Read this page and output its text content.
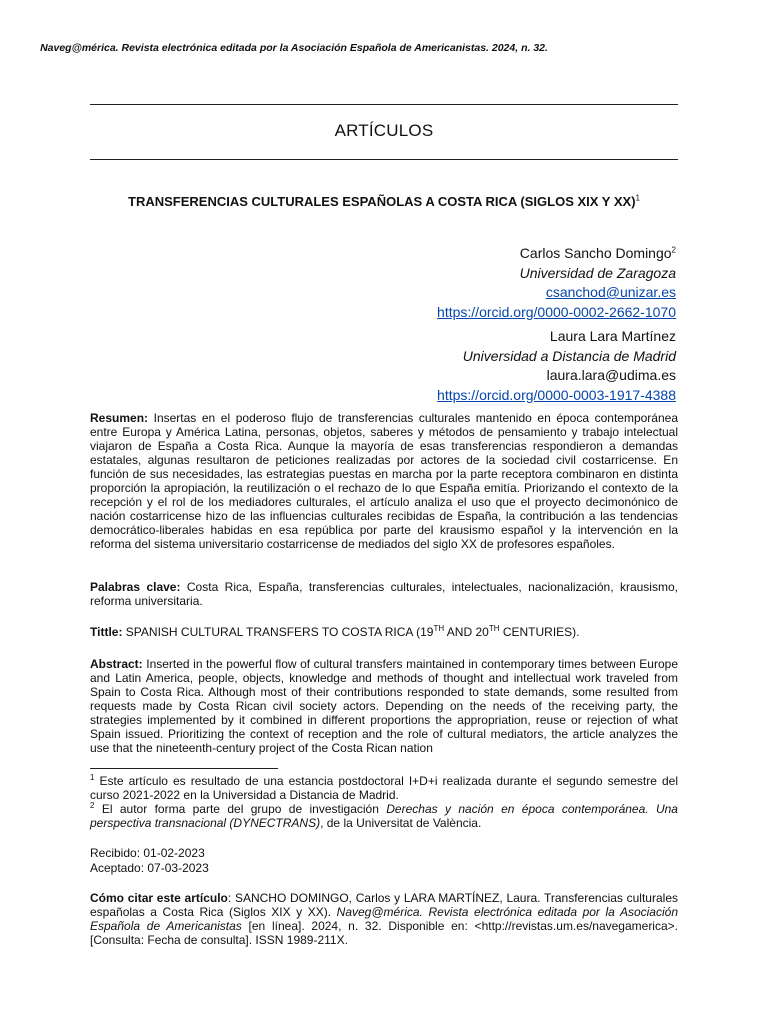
Naveg@mérica. Revista electrónica editada por la Asociación Española de Americanistas. 2024, n. 32.
ARTÍCULOS
TRANSFERENCIAS CULTURALES ESPAÑOLAS A COSTA RICA (SIGLOS XIX Y XX)$^1$
Carlos Sancho Domingo$^2$
Universidad de Zaragoza
csanchod@unizar.es
https://orcid.org/0000-0002-2662-1070
Laura Lara Martínez
Universidad a Distancia de Madrid
laura.lara@udima.es
https://orcid.org/0000-0003-1917-4388
Resumen: Insertas en el poderoso flujo de transferencias culturales mantenido en época contemporánea entre Europa y América Latina, personas, objetos, saberes y métodos de pensamiento y trabajo intelectual viajaron de España a Costa Rica. Aunque la mayoría de esas transferencias respondieron a demandas estatales, algunas resultaron de peticiones realizadas por actores de la sociedad civil costarricense. En función de sus necesidades, las estrategias puestas en marcha por la parte receptora combinaron en distinta proporción la apropiación, la reutilización o el rechazo de lo que España emitía. Priorizando el contexto de la recepción y el rol de los mediadores culturales, el artículo analiza el uso que el proyecto decimonónico de nación costarricense hizo de las influencias culturales recibidas de España, la contribución a las tendencias democrático-liberales habidas en esa república por parte del krausismo español y la intervención en la reforma del sistema universitario costarricense de mediados del siglo XX de profesores españoles.
Palabras clave: Costa Rica, España, transferencias culturales, intelectuales, nacionalización, krausismo, reforma universitaria.
Tittle: SPANISH CULTURAL TRANSFERS TO COSTA RICA (19TH AND 20TH CENTURIES).
Abstract: Inserted in the powerful flow of cultural transfers maintained in contemporary times between Europe and Latin America, people, objects, knowledge and methods of thought and intellectual work traveled from Spain to Costa Rica. Although most of their contributions responded to state demands, some resulted from requests made by Costa Rican civil society actors. Depending on the needs of the receiving party, the strategies implemented by it combined in different proportions the appropriation, reuse or rejection of what Spain issued. Prioritizing the context of reception and the role of cultural mediators, the article analyzes the use that the nineteenth-century project of the Costa Rican nation
$^1$ Este artículo es resultado de una estancia postdoctoral I+D+i realizada durante el segundo semestre del curso 2021-2022 en la Universidad a Distancia de Madrid.
$^2$ El autor forma parte del grupo de investigación Derechas y nación en época contemporánea. Una perspectiva transnacional (DYNECTRANS), de la Universitat de València.
Recibido: 01-02-2023
Aceptado: 07-03-2023
Cómo citar este artículo: SANCHO DOMINGO, Carlos y LARA MARTÍNEZ, Laura. Transferencias culturales españolas a Costa Rica (Siglos XIX y XX). Naveg@mérica. Revista electrónica editada por la Asociación Española de Americanistas [en línea]. 2024, n. 32. Disponible en: <http://revistas.um.es/navegamerica>. [Consulta: Fecha de consulta]. ISSN 1989-211X.
